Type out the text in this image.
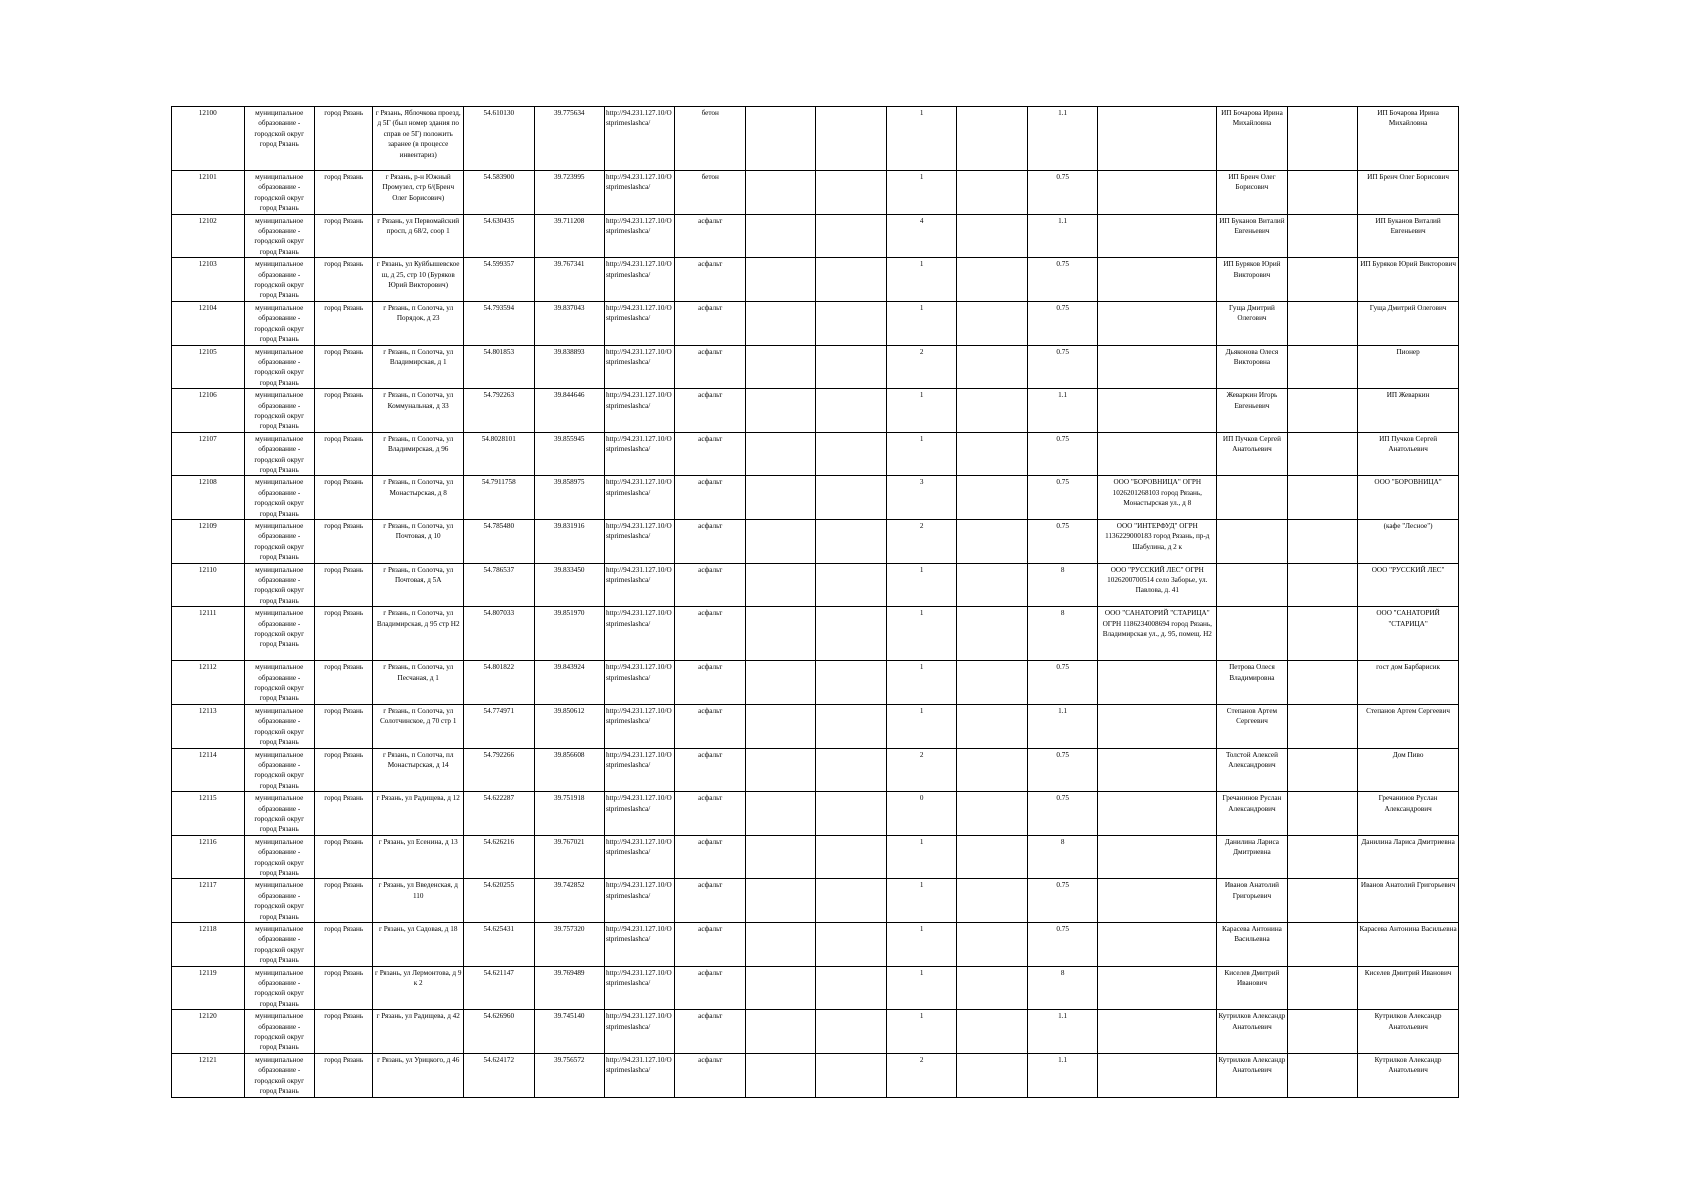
12100	муниципальное образование - городской округ город Рязань	город Рязань	г Рязань, Яблочкова проезд, д 5Г (был номер здания по справ ое 5Г) положить заранее (в процессе инвентариз)	54.610130	39.775634	http://94.231.127.10/Ostprimeslashca/	бетон			1		1.1		ИП Бочарова Ирина Михайловна		ИП Бочарова Ирина Михайловна
12101	муниципальное образование - городской округ город Рязань	город Рязань	г Рязань, р-н Южный Промузел, стр 6/(Бренч Олег Борисович)	54.583900	39.723995	http://94.231.127.10/Ostprimeslashca/	бетон			1		0.75		ИП Бренч Олег Борисович		ИП Бренч Олег Борисович
12102	муниципальное образование - городской округ город Рязань	город Рязань	г Рязань, ул Первомайский просп, д 68/2, соор 1	54.630435	39.711208	http://94.231.127.10/Ostprimeslashca/	асфальт			4		1.1		ИП Буканов Виталий Евгеньевич		ИП Буканов Виталий Евгеньевич
12103	муниципальное образование - городской округ город Рязань	город Рязань	г Рязань, ул Куйбышевское ш, д 25, стр 10 (Буряков Юрий Викторович)	54.599357	39.767341	http://94.231.127.10/Ostprimeslashca/	асфальт			1		0.75		ИП Буряков Юрий Викторович		ИП Буряков Юрий Викторович
12104	муниципальное образование - городской округ город Рязань	город Рязань	г Рязань, п Солотча, ул Порядок, д 23	54.793594	39.837043	http://94.231.127.10/Ostprimeslashca/	асфальт			1		0.75		Гуща Дмитрий Олегович		Гуща Дмитрий Олегович
12105	муниципальное образование - городской округ город Рязань	город Рязань	г Рязань, п Солотча, ул Владимирская, д 1	54.801853	39.838893	http://94.231.127.10/Ostprimeslashca/	асфальт			2		0.75		Дьяконова Олеся Викторовна		Пионер
12106	муниципальное образование - городской округ город Рязань	город Рязань	г Рязань, п Солотча, ул Коммунальная, д 33	54.792263	39.844646	http://94.231.127.10/Ostprimeslashca/	асфальт			1		1.1		Жеваркин Игорь Евгеньевич		ИП Жеваркин
12107	муниципальное образование - городской округ город Рязань	город Рязань	г Рязань, п Солотча, ул Владимирская, д 96	54.8028101	39.855945	http://94.231.127.10/Ostprimeslashca/	асфальт			1		0.75		ИП Пучков Сергей Анатольевич		ИП Пучков Сергей Анатольевич
12108	муниципальное образование - городской округ город Рязань	город Рязань	г Рязань, п Солотча, ул Монастырская, д 8	54.7911758	39.858975	http://94.231.127.10/Ostprimeslashca/	асфальт			3		0.75	ООО "БОРОВНИЦА" ОГРН 1026201268103 город Рязань, Монастырская ул., д 8			ООО "БОРОВНИЦА"
12109	муниципальное образование - городской округ город Рязань	город Рязань	г Рязань, п Солотча, ул Почтовая, д 10	54.785480	39.831916	http://94.231.127.10/Ostprimeslashca/	асфальт			2		0.75	ООО "ИНТЕРФУД" ОГРН 1136229000183 город Рязань, пр-д Шабулина, д 2 к			(кафе "Лесное")
12110	муниципальное образование - городской округ город Рязань	город Рязань	г Рязань, п Солотча, ул Почтовая, д 5А	54.786537	39.833450	http://94.231.127.10/Ostprimeslashca/	асфальт			1		8	ООО "РУССКИЙ ЛЕС" ОГРН 1026200700514 село Заборье, ул. Павлова, д. 41			ООО "РУССКИЙ ЛЕС"
12111	муниципальное образование - городской округ город Рязань	город Рязань	г Рязань, п Солотча, ул Владимирская, д 95 стр Н2	54.807033	39.851970	http://94.231.127.10/Ostprimeslashca/	асфальт			1		8	ООО "САНАТОРИЙ "СТАРИЦА" ОГРН 1186234008694 город Рязань, Владимирская ул., д. 95, помещ. Н2			ООО "САНАТОРИЙ "СТАРИЦА"
12112	муниципальное образование - городской округ город Рязань	город Рязань	г Рязань, п Солотча, ул Песчаная, д 1	54.801822	39.843924	http://94.231.127.10/Ostprimeslashca/	асфальт			1		0.75		Петрова Олеся Владимировна		гост дом Барбарисик
12113	муниципальное образование - городской округ город Рязань	город Рязань	г Рязань, п Солотча, ул Солотчинское, д 70 стр 1	54.774971	39.850612	http://94.231.127.10/Ostprimeslashca/	асфальт			1		1.1		Степанов Артем Сергеевич		Степанов Артем Сергеевич
12114	муниципальное образование - городской округ город Рязань	город Рязань	г Рязань, п Солотча, пл Монастырская, д 14	54.792266	39.856608	http://94.231.127.10/Ostprimeslashca/	асфальт			2		0.75		Толстой Алексей Александрович		Дом Пиво
12115	муниципальное образование - городской округ город Рязань	город Рязань	г Рязань, ул Радищева, д 12	54.622287	39.751918	http://94.231.127.10/Ostprimeslashca/	асфальт			0		0.75		Гречанинов Руслан Александрович		Гречанинов Руслан Александрович
12116	муниципальное образование - городской округ город Рязань	город Рязань	г Рязань, ул Есенина, д 13	54.626216	39.767021	http://94.231.127.10/Ostprimeslashca/	асфальт			1		8		Данилина Лариса Дмитриевна		Данилина Лариса Дмитриевна
12117	муниципальное образование - городской округ город Рязань	город Рязань	г Рязань, ул Введенская, д 110	54.620255	39.742852	http://94.231.127.10/Ostprimeslashca/	асфальт			1		0.75		Иванов Анатолий Григорьевич		Иванов Анатолий Григорьевич
12118	муниципальное образование - городской округ город Рязань	город Рязань	г Рязань, ул Садовая, д 18	54.625431	39.757320	http://94.231.127.10/Ostprimeslashca/	асфальт			1		0.75		Карасева Антонина Васильевна		Карасева Антонина Васильевна
12119	муниципальное образование - городской округ город Рязань	город Рязань	г Рязань, ул Лермонтова, д 9 к 2	54.621147	39.769489	http://94.231.127.10/Ostprimeslashca/	асфальт			1		8		Киселев Дмитрий Иванович		Киселев Дмитрий Иванович
12120	муниципальное образование - городской округ город Рязань	город Рязань	г Рязань, ул Радищева, д 42	54.626960	39.745140	http://94.231.127.10/Ostprimeslashca/	асфальт			1		1.1		Кутрилков Александр Анатольевич		Кутрилков Александр Анатольевич
12121	муниципальное образование - городской округ город Рязань	город Рязань	г Рязань, ул Урицкого, д 46	54.624172	39.756572	http://94.231.127.10/Ostprimeslashca/	асфальт			2		1.1		Кутрилков Александр Анатольевич		Кутрилков Александр Анатольевич
